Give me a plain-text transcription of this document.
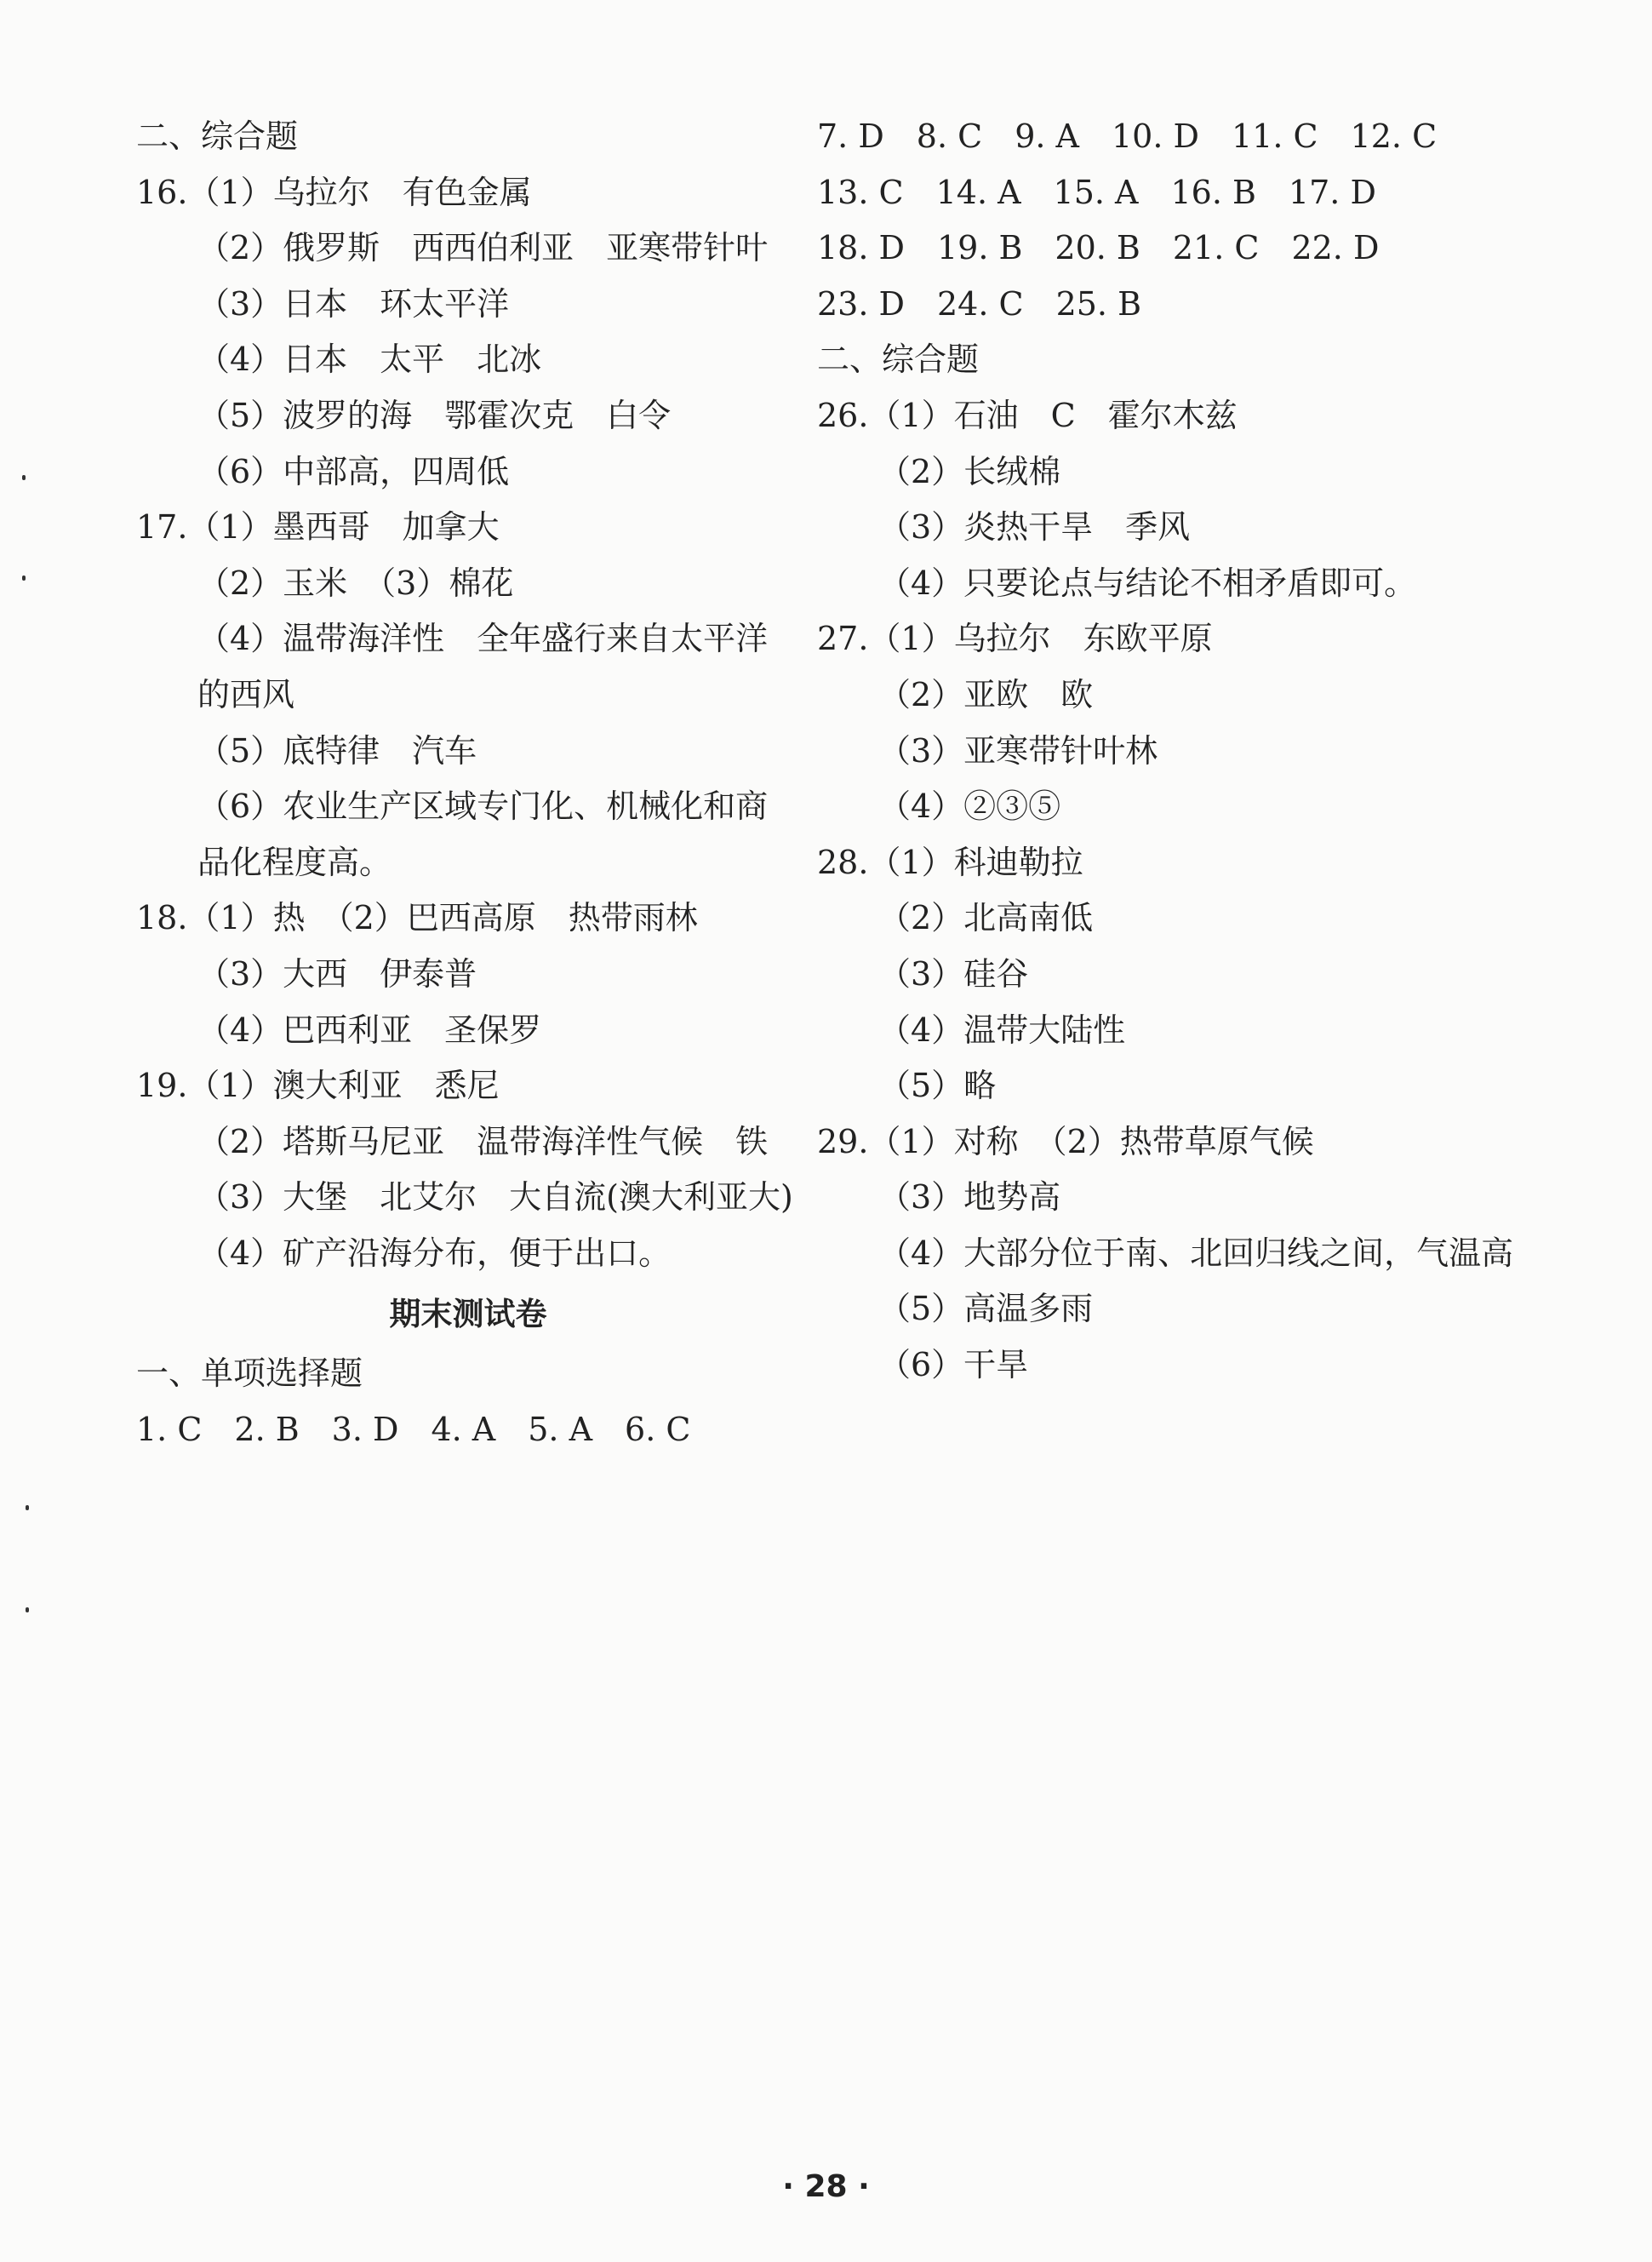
二、综合题
16.（1）乌拉尔　有色金属
（2）俄罗斯　西西伯利亚　亚寒带针叶
（3）日本　环太平洋
（4）日本　太平　北冰
（5）波罗的海　鄂霍次克　白令
（6）中部高，四周低
17.（1）墨西哥　加拿大
（2）玉米　（3）棉花
（4）温带海洋性　全年盛行来自太平洋
的西风
（5）底特律　汽车
（6）农业生产区域专门化、机械化和商
品化程度高。
18.（1）热　（2）巴西高原　热带雨林
（3）大西　伊泰普
（4）巴西利亚　圣保罗
19.（1）澳大利亚　悉尼
（2）塔斯马尼亚　温带海洋性气候　铁
（3）大堡　北艾尔　大自流(澳大利亚大)
（4）矿产沿海分布，便于出口。
期末测试卷
一、单项选择题
1. C　2. B　3. D　4. A　5. A　6. C
7. D　8. C　9. A　10. D　11. C　12. C
13. C　14. A　15. A　16. B　17. D
18. D　19. B　20. B　21. C　22. D
23. D　24. C　25. B
二、综合题
26.（1）石油　C　霍尔木兹
（2）长绒棉
（3）炎热干旱　季风
（4）只要论点与结论不相矛盾即可。
27.（1）乌拉尔　东欧平原
（2）亚欧　欧
（3）亚寒带针叶林
（4）②③⑤
28.（1）科迪勒拉
（2）北高南低
（3）硅谷
（4）温带大陆性
（5）略
29.（1）对称　（2）热带草原气候
（3）地势高
（4）大部分位于南、北回归线之间，气温高
（5）高温多雨
（6）干旱
· 28 ·
